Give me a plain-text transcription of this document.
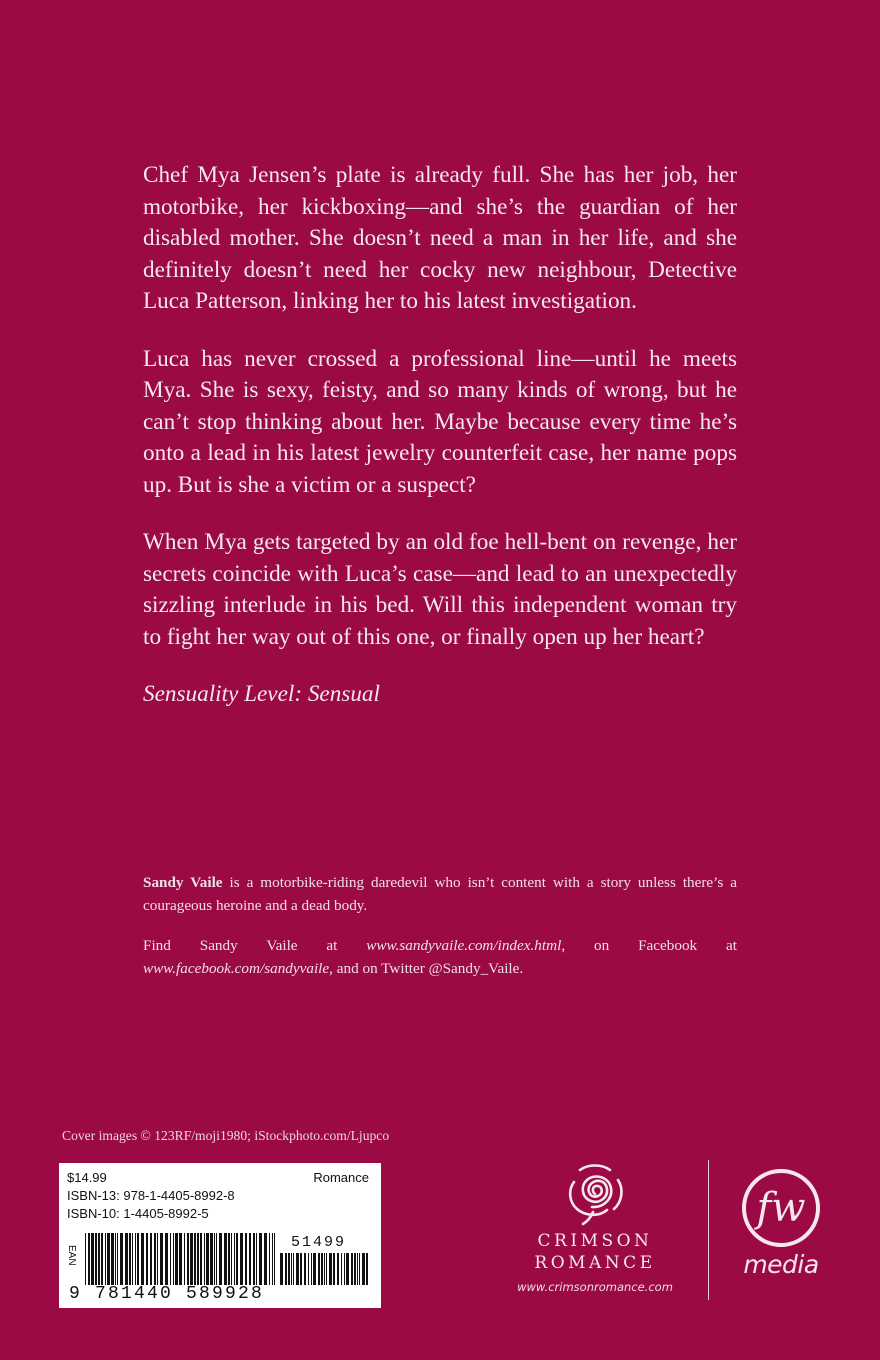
Chef Mya Jensen’s plate is already full. She has her job, her motorbike, her kickboxing—and she’s the guardian of her disabled mother. She doesn’t need a man in her life, and she definitely doesn’t need her cocky new neighbour, Detective Luca Patterson, linking her to his latest investigation.

Luca has never crossed a professional line—until he meets Mya. She is sexy, feisty, and so many kinds of wrong, but he can’t stop thinking about her. Maybe because every time he’s onto a lead in his latest jewelry counterfeit case, her name pops up. But is she a victim or a suspect?

When Mya gets targeted by an old foe hell-bent on revenge, her secrets coincide with Luca’s case—and lead to an unexpectedly sizzling interlude in his bed. Will this independent woman try to fight her way out of this one, or finally open up her heart?

Sensuality Level: Sensual

Sandy Vaile is a motorbike-riding daredevil who isn’t content with a story unless there’s a courageous heroine and a dead body.

Find Sandy Vaile at www.sandyvaile.com/index.html, on Facebook at www.facebook.com/sandyvaile, and on Twitter @Sandy_Vaile.

Cover images © 123RF/moji1980; iStockphoto.com/Ljupco
$14.99	Romance
ISBN-13: 978-1-4405-8992-8
ISBN-10: 1-4405-8992-5
EAN
9 781440 589928
51499	CRIMSON
ROMANCE
www.crimsonromance.com
fw
media
